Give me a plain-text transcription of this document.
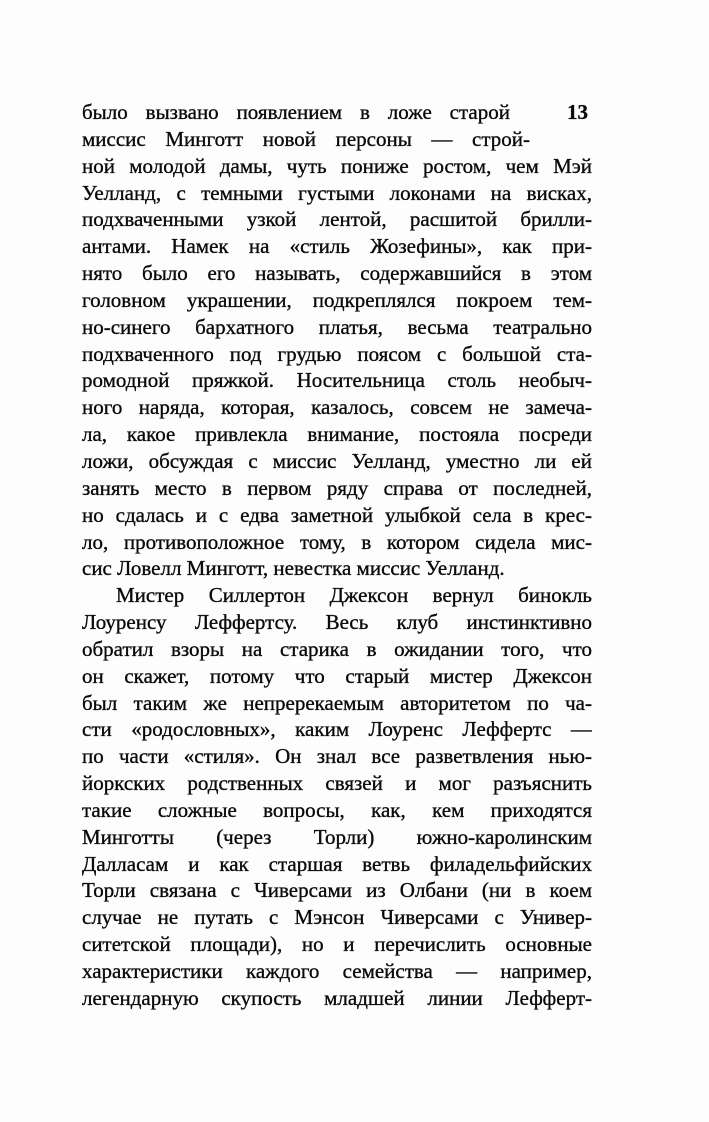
было вызвано появлением в ложе старой	13
миссис Минготт новой персоны — строй-
ной молодой дамы, чуть пониже ростом, чем Мэй
Уелланд, с темными густыми локонами на висках,
подхваченными узкой лентой, расшитой брилли-
антами. Намек на «стиль Жозефины», как при-
нято было его называть, содержавшийся в этом
головном украшении, подкреплялся покроем тем-
но-синего бархатного платья, весьма театрально
подхваченного под грудью поясом с большой ста-
ромодной пряжкой. Носительница столь необыч-
ного наряда, которая, казалось, совсем не замеча-
ла, какое привлекла внимание, постояла посреди
ложи, обсуждая с миссис Уелланд, уместно ли ей
занять место в первом ряду справа от последней,
но сдалась и с едва заметной улыбкой села в крес-
ло, противоположное тому, в котором сидела мис-
сис Ловелл Минготт, невестка миссис Уелланд.
Мистер Силлертон Джексон вернул бинокль
Лоуренсу Леффертсу. Весь клуб инстинктивно
обратил взоры на старика в ожидании того, что
он скажет, потому что старый мистер Джексон
был таким же непререкаемым авторитетом по ча-
сти «родословных», каким Лоуренс Леффертс —
по части «стиля». Он знал все разветвления нью-
йоркских родственных связей и мог разъяснить
такие сложные вопросы, как, кем приходятся
Минготты (через Торли) южно-каролинским
Далласам и как старшая ветвь филадельфийских
Торли связана с Чиверсами из Олбани (ни в коем
случае не путать с Мэнсон Чиверсами с Универ-
ситетской площади), но и перечислить основные
характеристики каждого семейства — например,
легендарную скупость младшей линии Лефферт-
